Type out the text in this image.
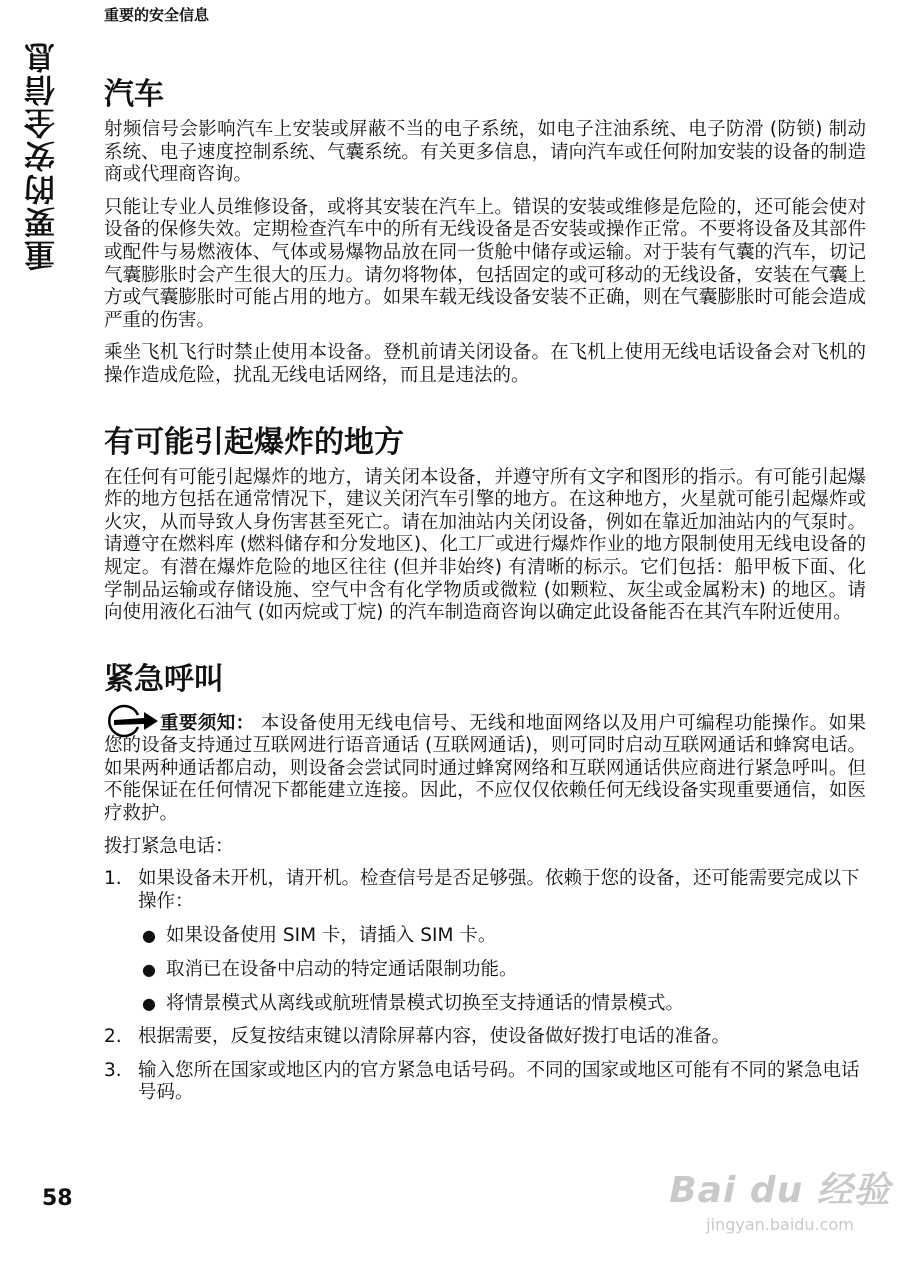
重要的安全信息
重要的安全信息 汽车

射频信号会影响汽车上安装或屏蔽不当的电子系统，如电子注油系统、电子防滑 (防锁) 制动系统、电子速度控制系统、气囊系统。有关更多信息，请向汽车或任何附加安装的设备的制造商或代理商咨询。

只能让专业人员维修设备，或将其安装在汽车上。错误的安装或维修是危险的，还可能会使对设备的保修失效。定期检查汽车中的所有无线设备是否安装或操作正常。不要将设备及其部件或配件与易燃液体、气体或易爆物品放在同一货舱中储存或运输。对于装有气囊的汽车，切记气囊膨胀时会产生很大的压力。请勿将物体，包括固定的或可移动的无线设备，安装在气囊上方或气囊膨胀时可能占用的地方。如果车载无线设备安装不正确，则在气囊膨胀时可能会造成严重的伤害。

乘坐飞机飞行时禁止使用本设备。登机前请关闭设备。在飞机上使用无线电话设备会对飞机的操作造成危险，扰乱无线电话网络，而且是违法的。

有可能引起爆炸的地方

在任何有可能引起爆炸的地方，请关闭本设备，并遵守所有文字和图形的指示。有可能引起爆炸的地方包括在通常情况下，建议关闭汽车引擎的地方。在这种地方，火星就可能引起爆炸或火灾，从而导致人身伤害甚至死亡。请在加油站内关闭设备，例如在靠近加油站内的气泵时。请遵守在燃料库 (燃料储存和分发地区)、化工厂或进行爆炸作业的地方限制使用无线电设备的规定。有潜在爆炸危险的地区往往 (但并非始终) 有清晰的标示。它们包括：船甲板下面、化学制品运输或存储设施、空气中含有化学物质或微粒 (如颗粒、灰尘或金属粉末) 的地区。请向使用液化石油气 (如丙烷或丁烷) 的汽车制造商咨询以确定此设备能否在其汽车附近使用。

紧急呼叫

重要须知： 本设备使用无线电信号、无线和地面网络以及用户可编程功能操作。如果您的设备支持通过互联网进行语音通话 (互联网通话)，则可同时启动互联网通话和蜂窝电话。如果两种通话都启动，则设备会尝试同时通过蜂窝网络和互联网通话供应商进行紧急呼叫。但不能保证在任何情况下都能建立连接。因此，不应仅仅依赖任何无线设备实现重要通信，如医疗救护。

拨打紧急电话：

1. 如果设备未开机，请开机。检查信号是否足够强。依赖于您的设备，还可能需要完成以下操作：
● 如果设备使用 SIM 卡，请插入 SIM 卡。
● 取消已在设备中启动的特定通话限制功能。
● 将情景模式从离线或航班情景模式切换至支持通话的情景模式。
2. 根据需要，反复按结束键以清除屏幕内容，使设备做好拨打电话的准备。
3. 输入您所在国家或地区内的官方紧急电话号码。不同的国家或地区可能有不同的紧急电话号码。
58	Bai du 经验
jingyan.baidu.com
